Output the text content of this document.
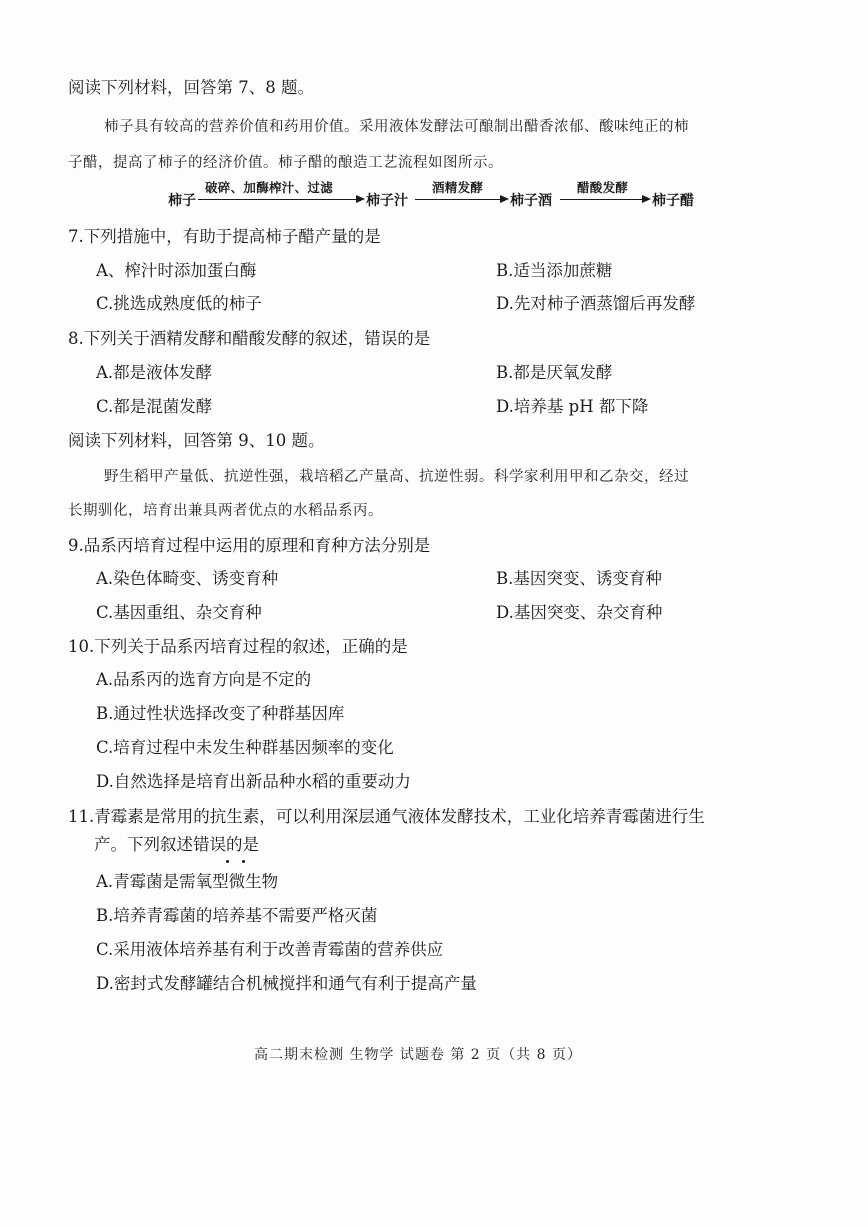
阅读下列材料，回答第 7、8 题。
柿子具有较高的营养价值和药用价值。采用液体发酵法可酿制出醋香浓郁、酸味纯正的柿
子醋，提高了柿子的经济价值。柿子醋的酿造工艺流程如图所示。
柿子
破碎、加酶榨汁、过滤
柿子汁
酒精发酵
柿子酒
醋酸发酵
柿子醋
7.下列措施中，有助于提高柿子醋产量的是
A、榨汁时添加蛋白酶	B.适当添加蔗糖
C.挑选成熟度低的柿子	D.先对柿子酒蒸馏后再发酵
8.下列关于酒精发酵和醋酸发酵的叙述，错误的是
A.都是液体发酵	B.都是厌氧发酵
C.都是混菌发酵	D.培养基 pH 都下降
阅读下列材料，回答第 9、10 题。
野生稻甲产量低、抗逆性强，栽培稻乙产量高、抗逆性弱。科学家利用甲和乙杂交，经过
长期驯化，培育出兼具两者优点的水稻品系丙。
9.品系丙培育过程中运用的原理和育种方法分别是
A.染色体畸变、诱变育种	B.基因突变、诱变育种
C.基因重组、杂交育种	D.基因突变、杂交育种
10.下列关于品系丙培育过程的叙述，正确的是
A.品系丙的选育方向是不定的
B.通过性状选择改变了种群基因库
C.培育过程中未发生种群基因频率的变化
D.自然选择是培育出新品种水稻的重要动力
11.青霉素是常用的抗生素，可以利用深层通气液体发酵技术，工业化培养青霉菌进行生
产。下列叙述错误的是
A.青霉菌是需氧型微生物
B.培养青霉菌的培养基不需要严格灭菌
C.采用液体培养基有利于改善青霉菌的营养供应
D.密封式发酵罐结合机械搅拌和通气有利于提高产量
高二期末检测 生物学 试题卷 第 2 页（共 8 页）
